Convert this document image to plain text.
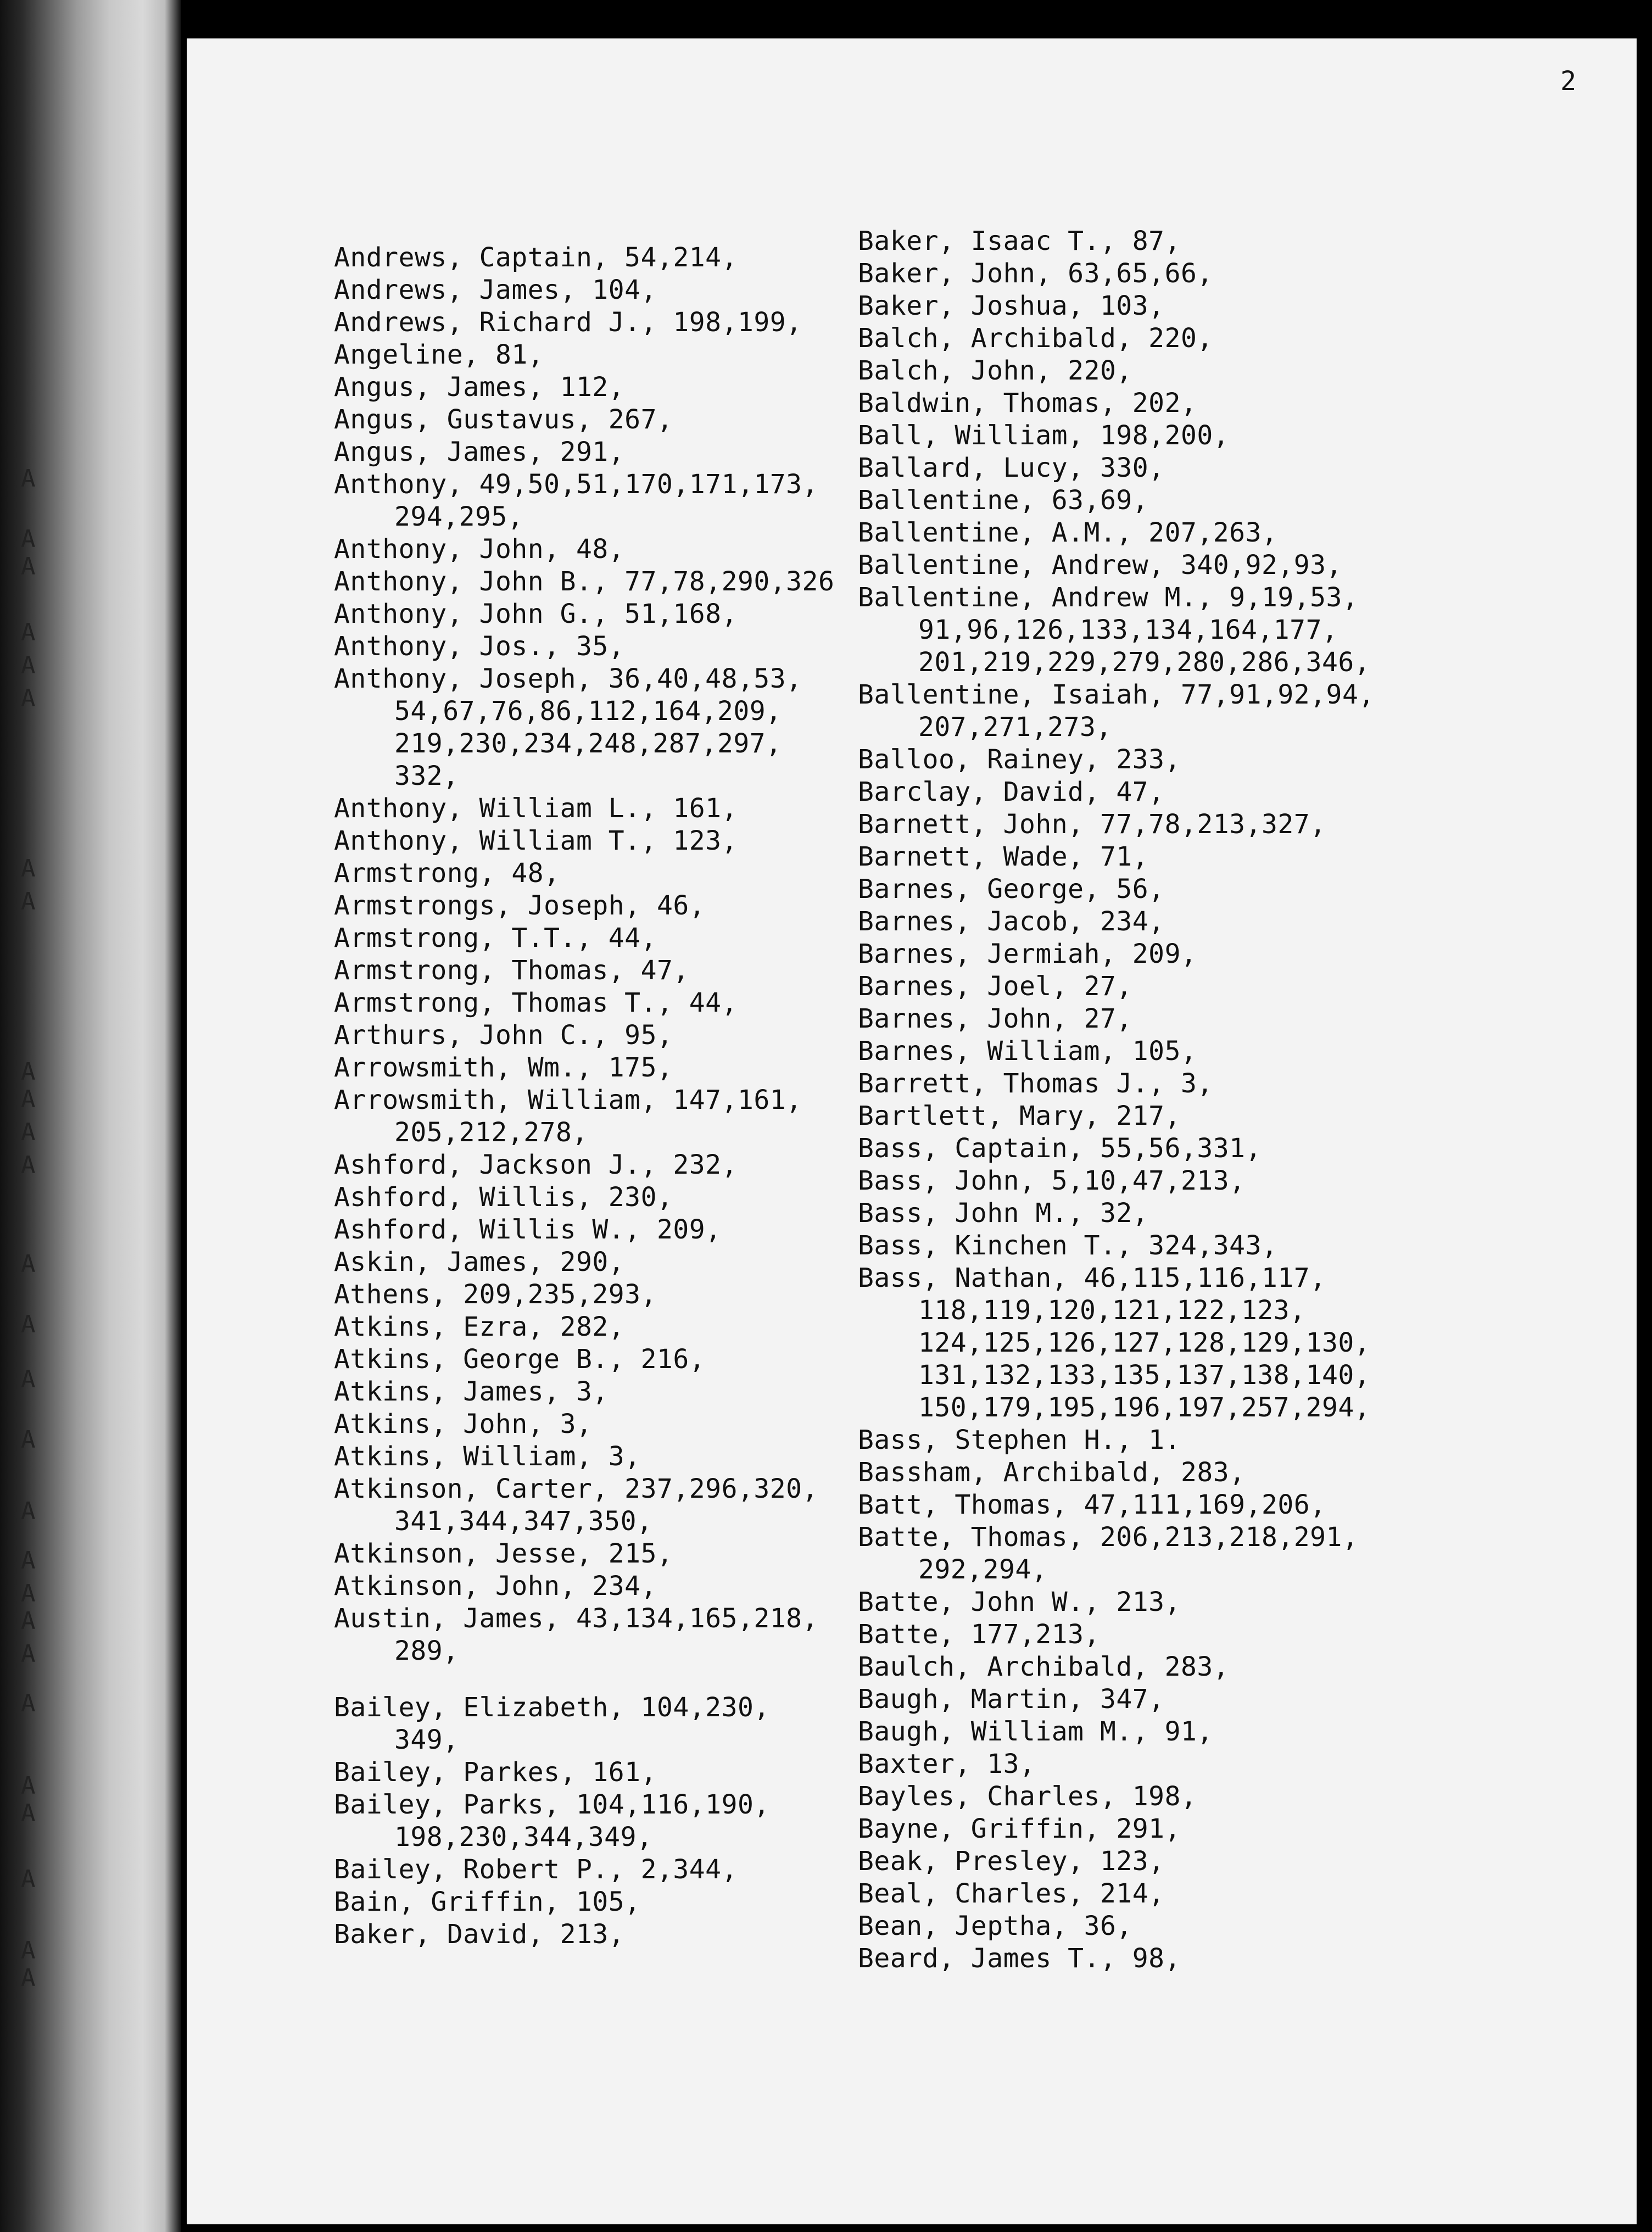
A
A
A
A
A
A
A
A
A
A
A
A
A
A
A
A
A
A
A
A
A
A
A
A
A
A
A
2
Andrews, Captain, 54,214,
Andrews, James, 104,
Andrews, Richard J., 198,199,
Angeline, 81,
Angus, James, 112,
Angus, Gustavus, 267,
Angus, James, 291,
Anthony, 49,50,51,170,171,173,
294,295,
Anthony, John, 48,
Anthony, John B., 77,78,290,326
Anthony, John G., 51,168,
Anthony, Jos., 35,
Anthony, Joseph, 36,40,48,53,
54,67,76,86,112,164,209,
219,230,234,248,287,297,
332,
Anthony, William L., 161,
Anthony, William T., 123,
Armstrong, 48,
Armstrongs, Joseph, 46,
Armstrong, T.T., 44,
Armstrong, Thomas, 47,
Armstrong, Thomas T., 44,
Arthurs, John C., 95,
Arrowsmith, Wm., 175,
Arrowsmith, William, 147,161,
205,212,278,
Ashford, Jackson J., 232,
Ashford, Willis, 230,
Ashford, Willis W., 209,
Askin, James, 290,
Athens, 209,235,293,
Atkins, Ezra, 282,
Atkins, George B., 216,
Atkins, James, 3,
Atkins, John, 3,
Atkins, William, 3,
Atkinson, Carter, 237,296,320,
341,344,347,350,
Atkinson, Jesse, 215,
Atkinson, John, 234,
Austin, James, 43,134,165,218,
289,
Bailey, Elizabeth, 104,230,
349,
Bailey, Parkes, 161,
Bailey, Parks, 104,116,190,
198,230,344,349,
Bailey, Robert P., 2,344,
Bain, Griffin, 105,
Baker, David, 213,
Baker, Isaac T., 87,
Baker, John, 63,65,66,
Baker, Joshua, 103,
Balch, Archibald, 220,
Balch, John, 220,
Baldwin, Thomas, 202,
Ball, William, 198,200,
Ballard, Lucy, 330,
Ballentine, 63,69,
Ballentine, A.M., 207,263,
Ballentine, Andrew, 340,92,93,
Ballentine, Andrew M., 9,19,53,
91,96,126,133,134,164,177,
201,219,229,279,280,286,346,
Ballentine, Isaiah, 77,91,92,94,
207,271,273,
Balloo, Rainey, 233,
Barclay, David, 47,
Barnett, John, 77,78,213,327,
Barnett, Wade, 71,
Barnes, George, 56,
Barnes, Jacob, 234,
Barnes, Jermiah, 209,
Barnes, Joel, 27,
Barnes, John, 27,
Barnes, William, 105,
Barrett, Thomas J., 3,
Bartlett, Mary, 217,
Bass, Captain, 55,56,331,
Bass, John, 5,10,47,213,
Bass, John M., 32,
Bass, Kinchen T., 324,343,
Bass, Nathan, 46,115,116,117,
118,119,120,121,122,123,
124,125,126,127,128,129,130,
131,132,133,135,137,138,140,
150,179,195,196,197,257,294,
Bass, Stephen H., 1.
Bassham, Archibald, 283,
Batt, Thomas, 47,111,169,206,
Batte, Thomas, 206,213,218,291,
292,294,
Batte, John W., 213,
Batte, 177,213,
Baulch, Archibald, 283,
Baugh, Martin, 347,
Baugh, William M., 91,
Baxter, 13,
Bayles, Charles, 198,
Bayne, Griffin, 291,
Beak, Presley, 123,
Beal, Charles, 214,
Bean, Jeptha, 36,
Beard, James T., 98,
